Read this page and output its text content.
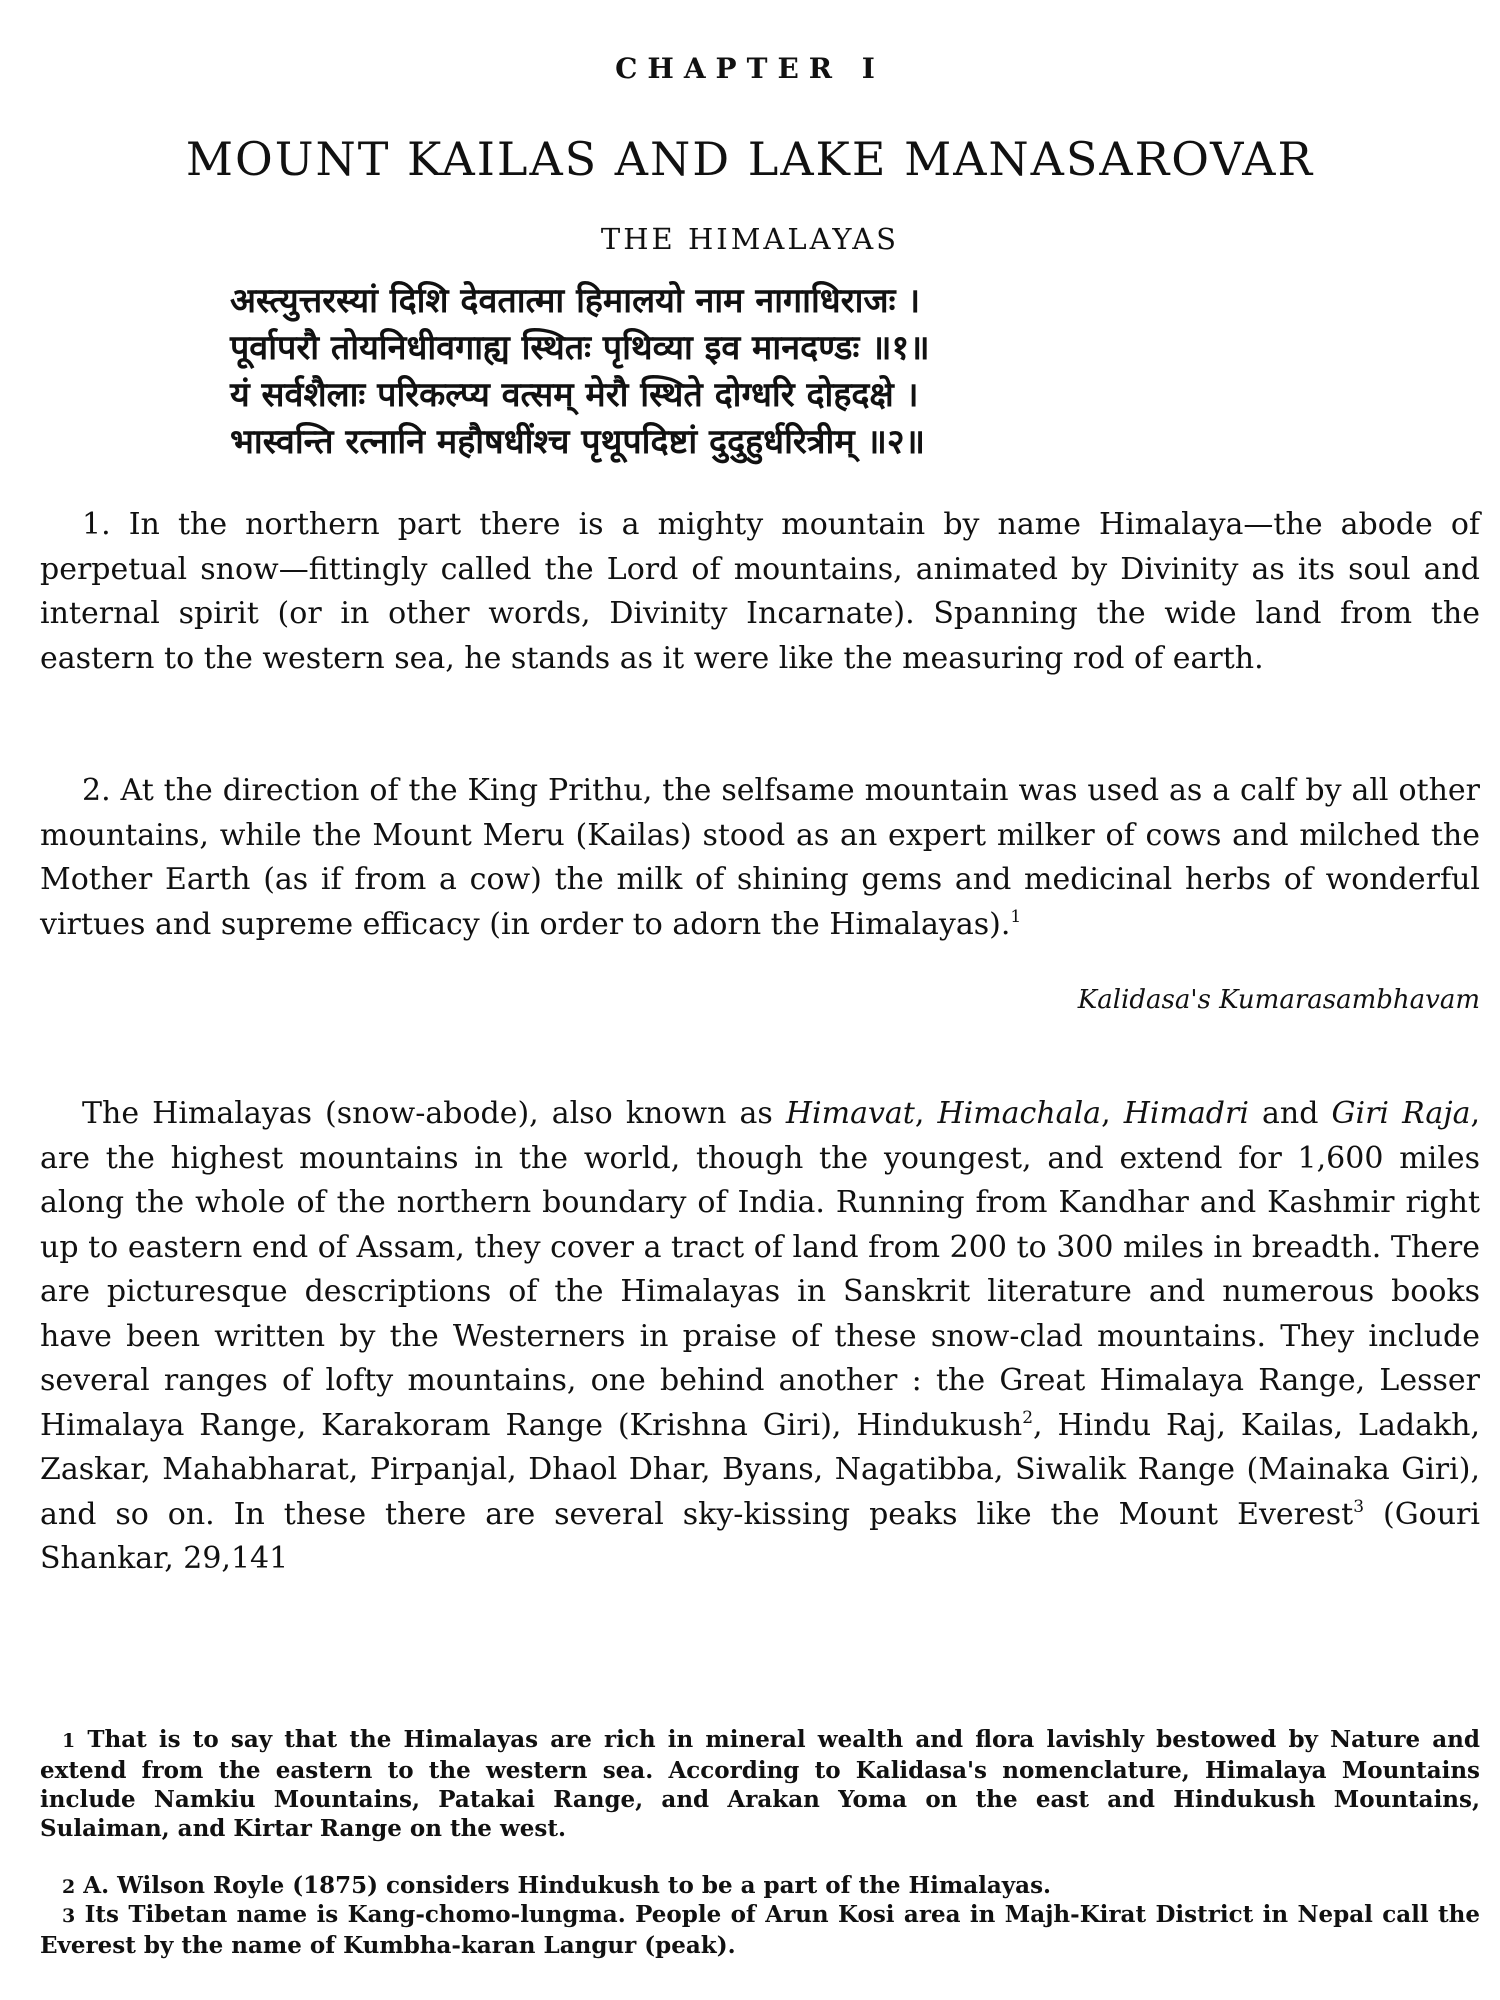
CHAPTER I
MOUNT KAILAS AND LAKE MANASAROVAR
THE HIMALAYAS
अस्त्युत्तरस्यां दिशि देवतात्मा हिमालयो नाम नागाधिराजः ।
पूर्वापरौ तोयनिधीवगाह्य स्थितः पृथिव्या इव मानदण्डः ॥१॥
यं सर्वशैलाः परिकल्प्य वत्सम् मेरौ स्थिते दोग्धरि दोहदक्षे ।
भास्वन्ति रत्नानि महौषधींश्च पृथूपदिष्टां दुदुहुर्धरित्रीम् ॥२॥

1. In the northern part there is a mighty mountain by name Himalaya—the abode of perpetual snow—fittingly called the Lord of mountains, animated by Divinity as its soul and internal spirit (or in other words, Divinity Incarnate). Spanning the wide land from the eastern to the western sea, he stands as it were like the measuring rod of earth.

2. At the direction of the King Prithu, the selfsame mountain was used as a calf by all other mountains, while the Mount Meru (Kailas) stood as an expert milker of cows and milched the Mother Earth (as if from a cow) the milk of shining gems and medicinal herbs of wonderful virtues and supreme efficacy (in order to adorn the Himalayas).$^1$

Kalidasa's Kumarasambhavam

The Himalayas (snow-abode), also known as Himavat, Himachala, Himadri and Giri Raja, are the highest mountains in the world, though the youngest, and extend for 1,600 miles along the whole of the northern boundary of India. Running from Kandhar and Kashmir right up to eastern end of Assam, they cover a tract of land from 200 to 300 miles in breadth. There are picturesque descriptions of the Himalayas in Sanskrit literature and numerous books have been written by the Westerners in praise of these snow-clad mountains. They include several ranges of lofty mountains, one behind another : the Great Himalaya Range, Lesser Himalaya Range, Karakoram Range (Krishna Giri), Hindukush$^2$, Hindu Raj, Kailas, Ladakh, Zaskar, Mahabharat, Pirpanjal, Dhaol Dhar, Byans, Nagatibba, Siwalik Range (Mainaka Giri), and so on. In these there are several sky-kissing peaks like the Mount Everest$^3$ (Gouri Shankar, 29,141

1 That is to say that the Himalayas are rich in mineral wealth and flora lavishly bestowed by Nature and extend from the eastern to the western sea. According to Kalidasa's nomenclature, Himalaya Mountains include Namkiu Mountains, Patakai Range, and Arakan Yoma on the east and Hindukush Mountains, Sulaiman, and Kirtar Range on the west.

2 A. Wilson Royle (1875) considers Hindukush to be a part of the Himalayas.

3 Its Tibetan name is Kang-chomo-lungma. People of Arun Kosi area in Majh-Kirat District in Nepal call the Everest by the name of Kumbha-karan Langur (peak).
